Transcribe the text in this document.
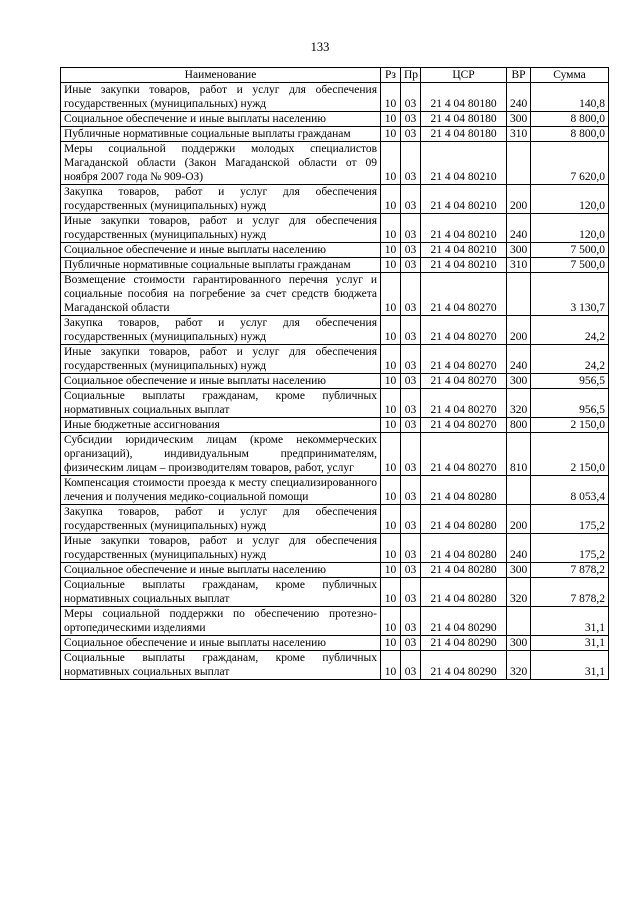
133
Наименование	Рз	Пр	ЦСР	ВР	Сумма
Иные закупки товаров, работ и услуг для обеспечения государственных (муниципальных) нужд	10	03	21 4 04 80180	240	140,8
Социальное обеспечение и иные выплаты населению	10	03	21 4 04 80180	300	8 800,0
Публичные нормативные социальные выплаты гражданам	10	03	21 4 04 80180	310	8 800,0
Меры социальной поддержки молодых специалистов Магаданской области (Закон Магаданской области от 09 ноября 2007 года № 909-ОЗ)	10	03	21 4 04 80210		7 620,0
Закупка товаров, работ и услуг для обеспечения государственных (муниципальных) нужд	10	03	21 4 04 80210	200	120,0
Иные закупки товаров, работ и услуг для обеспечения государственных (муниципальных) нужд	10	03	21 4 04 80210	240	120,0
Социальное обеспечение и иные выплаты населению	10	03	21 4 04 80210	300	7 500,0
Публичные нормативные социальные выплаты гражданам	10	03	21 4 04 80210	310	7 500,0
Возмещение стоимости гарантированного перечня услуг и социальные пособия на погребение за счет средств бюджета Магаданской области	10	03	21 4 04 80270		3 130,7
Закупка товаров, работ и услуг для обеспечения государственных (муниципальных) нужд	10	03	21 4 04 80270	200	24,2
Иные закупки товаров, работ и услуг для обеспечения государственных (муниципальных) нужд	10	03	21 4 04 80270	240	24,2
Социальное обеспечение и иные выплаты населению	10	03	21 4 04 80270	300	956,5
Социальные выплаты гражданам, кроме публичных нормативных социальных выплат	10	03	21 4 04 80270	320	956,5
Иные бюджетные ассигнования	10	03	21 4 04 80270	800	2 150,0
Субсидии юридическим лицам (кроме некоммерческих организаций), индивидуальным предпринимателям, физическим лицам – производителям товаров, работ, услуг	10	03	21 4 04 80270	810	2 150,0
Компенсация стоимости проезда к месту специализированного лечения и получения медико-социальной помощи	10	03	21 4 04 80280		8 053,4
Закупка товаров, работ и услуг для обеспечения государственных (муниципальных) нужд	10	03	21 4 04 80280	200	175,2
Иные закупки товаров, работ и услуг для обеспечения государственных (муниципальных) нужд	10	03	21 4 04 80280	240	175,2
Социальное обеспечение и иные выплаты населению	10	03	21 4 04 80280	300	7 878,2
Социальные выплаты гражданам, кроме публичных нормативных социальных выплат	10	03	21 4 04 80280	320	7 878,2
Меры социальной поддержки по обеспечению протезно-ортопедическими изделиями	10	03	21 4 04 80290		31,1
Социальное обеспечение и иные выплаты населению	10	03	21 4 04 80290	300	31,1
Социальные выплаты гражданам, кроме публичных нормативных социальных выплат	10	03	21 4 04 80290	320	31,1
